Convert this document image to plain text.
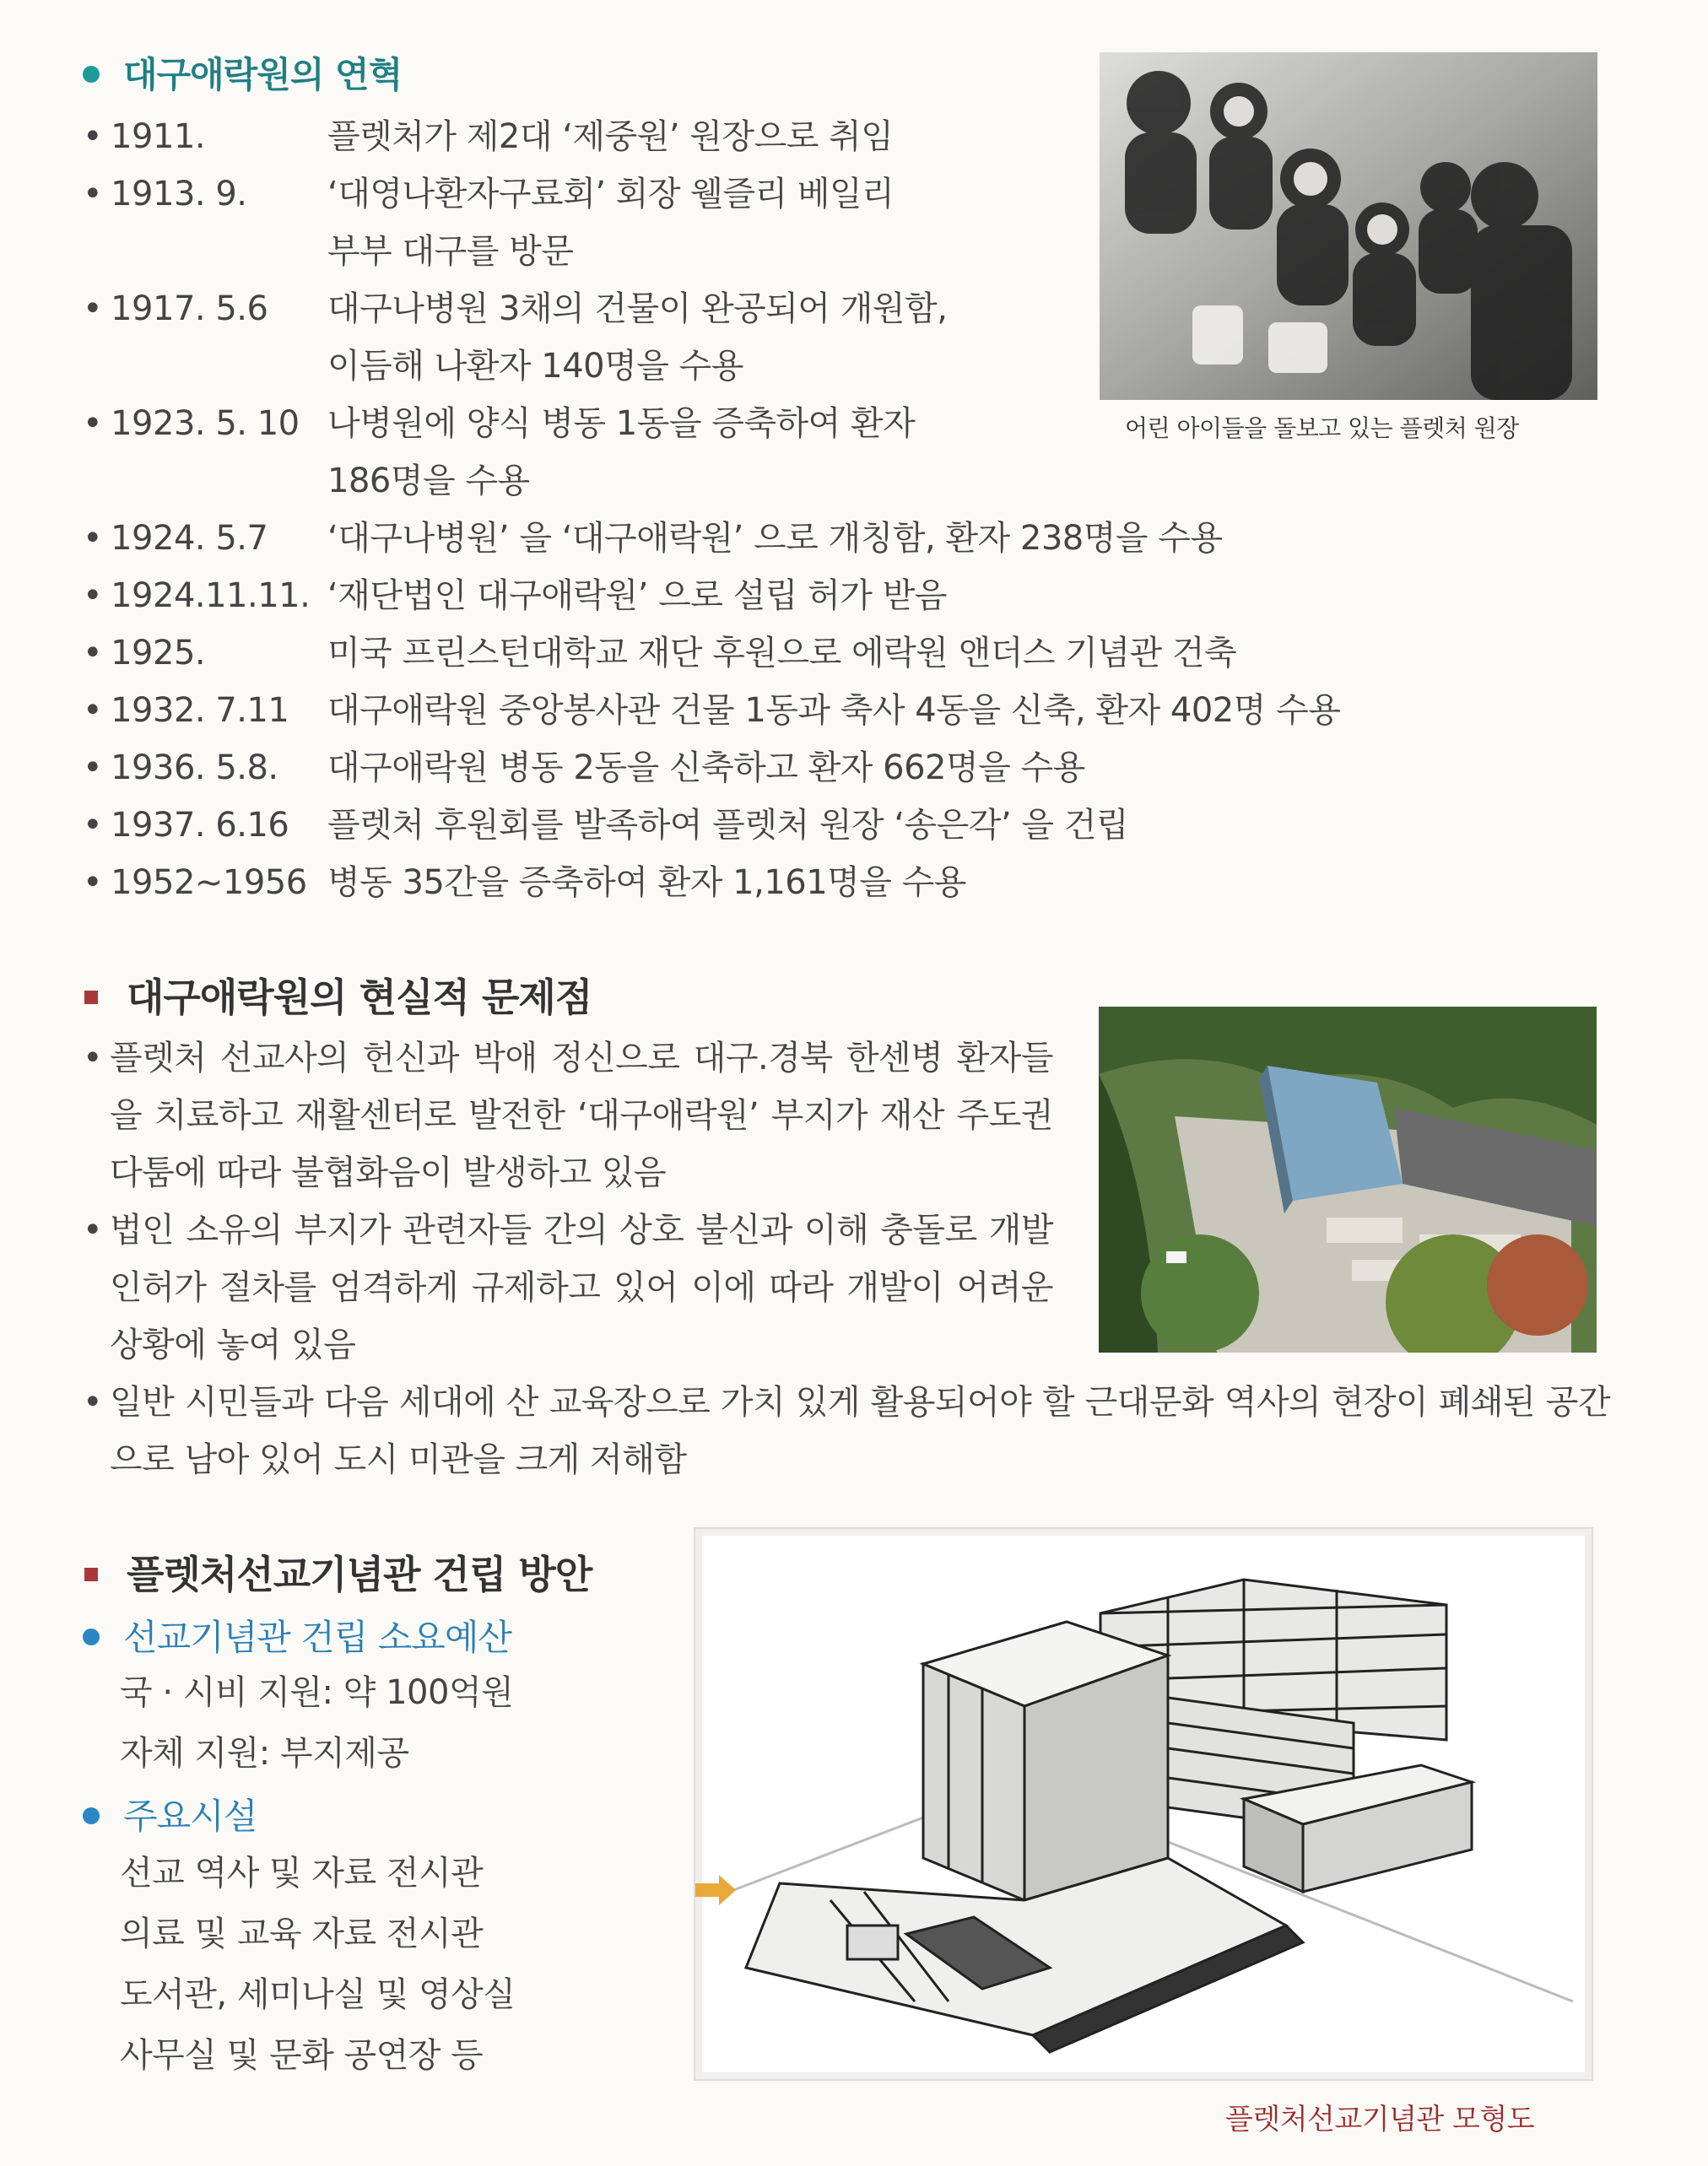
대구애락원의 연혁
• 1911.	플렛처가 제2대 ‘제중원’ 원장으로 취임
• 1913. 9.	‘대영나환자구료회’ 회장 웰즐리 베일리 부부 대구를 방문
• 1917. 5.6	대구나병원 3채의 건물이 완공되어 개원함, 이듬해 나환자 140명을 수용
• 1923. 5. 10 나병원에 양식 병동 1동을 증축하여 환자 186명을 수용
• 1924. 5.7	‘대구나병원’ 을 ‘대구애락원’ 으로 개칭함, 환자 238명을 수용
• 1924.11.11. ‘재단법인 대구애락원’ 으로 설립 허가 받음
• 1925.	미국 프린스턴대학교 재단 후원으로 에락원 앤더스 기념관 건축
• 1932. 7.11	대구애락원 중앙봉사관 건물 1동과 축사 4동을 신축, 환자 402명 수용
• 1936. 5.8.	대구애락원 병동 2동을 신축하고 환자 662명을 수용
• 1937. 6.16	플렛처 후원회를 발족하여 플렛처 원장 ‘송은각’ 을 건립
• 1952~1956 병동 35간을 증축하여 환자 1,161명을 수용
어린 아이들을 돌보고 있는 플렛처 원장
대구애락원의 현실적 문제점
• 플렛처 선교사의 헌신과 박애 정신으로 대구.경북 한센병 환자들을 치료하고 재활센터로 발전한 ‘대구애락원’ 부지가 재산 주도권 다툼에 따라 불협화음이 발생하고 있음
• 법인 소유의 부지가 관련자들 간의 상호 불신과 이해 충돌로 개발 인허가 절차를 엄격하게 규제하고 있어 이에 따라 개발이 어려운 상황에 놓여 있음
• 일반 시민들과 다음 세대에 산 교육장으로 가치 있게 활용되어야 할 근대문화 역사의 현장이 폐쇄된 공간으로 남아 있어 도시 미관을 크게 저해함
플렛처선교기념관 건립 방안
선교기념관 건립 소요예산
국 · 시비 지원: 약 100억원
자체 지원: 부지제공
주요시설
선교 역사 및 자료 전시관
의료 및 교육 자료 전시관
도서관, 세미나실 및 영상실
사무실 및 문화 공연장 등
플렛처선교기념관 모형도
